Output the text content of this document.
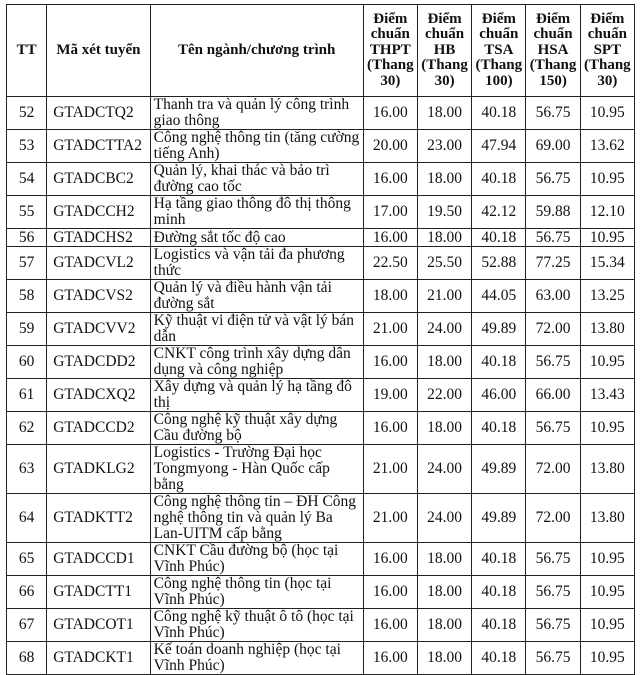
TT	Mã xét tuyển	Tên ngành/chương trình	Điểm chuẩn THPT (Thang 30)	Điểm chuẩn HB (Thang 30)	Điểm chuẩn TSA (Thang 100)	Điểm chuẩn HSA (Thang 150)	Điểm chuẩn SPT (Thang 30)
52	GTADCTQ2	Thanh tra và quản lý công trình giao thông	16.00	18.00	40.18	56.75	10.95
53	GTADCTTA2	Công nghệ thông tin (tăng cường tiếng Anh)	20.00	23.00	47.94	69.00	13.62
54	GTADCBC2	Quản lý, khai thác và bảo trì đường cao tốc	16.00	18.00	40.18	56.75	10.95
55	GTADCCH2	Hạ tầng giao thông đô thị thông minh	17.00	19.50	42.12	59.88	12.10
56	GTADCHS2	Đường sắt tốc độ cao	16.00	18.00	40.18	56.75	10.95
57	GTADCVL2	Logistics và vận tải đa phương thức	22.50	25.50	52.88	77.25	15.34
58	GTADCVS2	Quản lý và điều hành vận tải đường sắt	18.00	21.00	44.05	63.00	13.25
59	GTADCVV2	Kỹ thuật vi điện tử và vật lý bán dẫn	21.00	24.00	49.89	72.00	13.80
60	GTADCDD2	CNKT công trình xây dựng dân dụng và công nghiệp	16.00	18.00	40.18	56.75	10.95
61	GTADCXQ2	Xây dựng và quản lý hạ tầng đô thị	19.00	22.00	46.00	66.00	13.43
62	GTADCCD2	Công nghệ kỹ thuật xây dựng Cầu đường bộ	16.00	18.00	40.18	56.75	10.95
63	GTADKLG2	Logistics - Trường Đại học Tongmyong - Hàn Quốc cấp bằng	21.00	24.00	49.89	72.00	13.80
64	GTADKTT2	Công nghệ thông tin – ĐH Công nghệ thông tin và quản lý Ba Lan-UITM cấp bằng	21.00	24.00	49.89	72.00	13.80
65	GTADCCD1	CNKT Cầu đường bộ (học tại Vĩnh Phúc)	16.00	18.00	40.18	56.75	10.95
66	GTADCTT1	Công nghệ thông tin (học tại Vĩnh Phúc)	16.00	18.00	40.18	56.75	10.95
67	GTADCOT1	Công nghệ kỹ thuật ô tô (học tại Vĩnh Phúc)	16.00	18.00	40.18	56.75	10.95
68	GTADCKT1	Kế toán doanh nghiệp (học tại Vĩnh Phúc)	16.00	18.00	40.18	56.75	10.95
